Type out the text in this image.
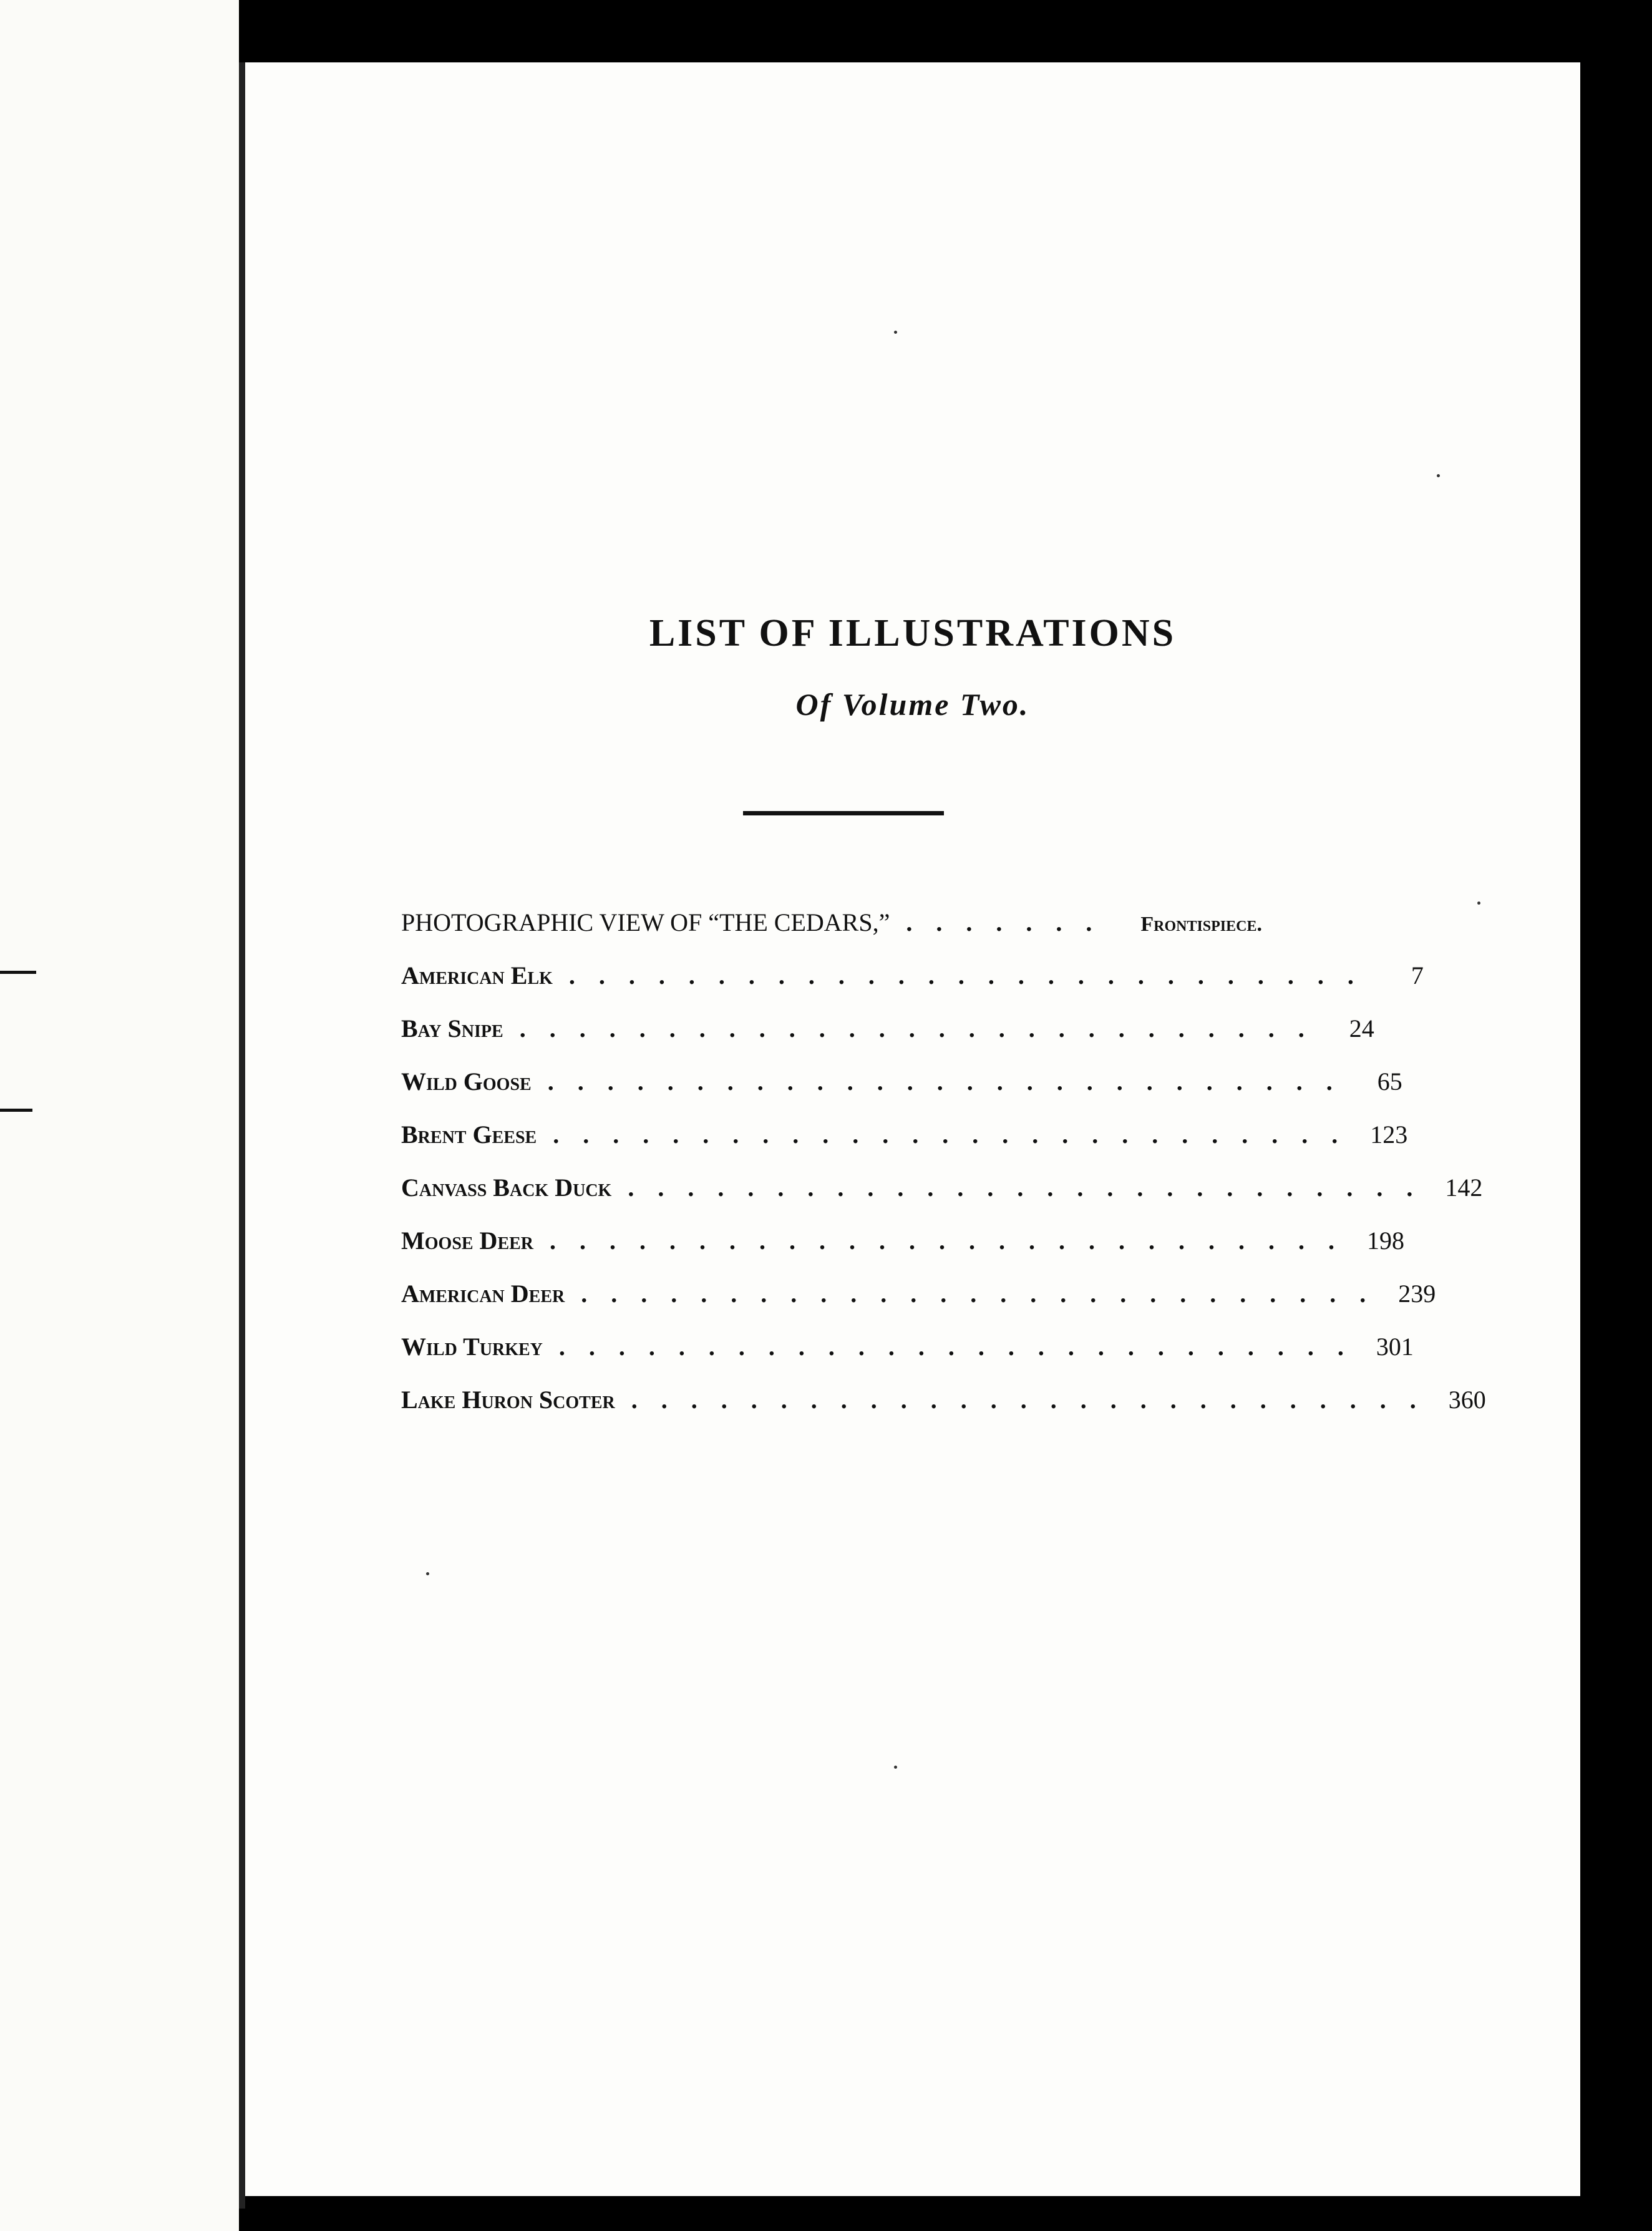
LIST OF ILLUSTRATIONS
Of Volume Two.
PHOTOGRAPHIC VIEW OF “THE CEDARS,” .......	Frontispiece.
American Elk ...........................	7
Bay Snipe ........................... 24
Wild Goose ........................... 65
Brent Geese ........................... 123
Canvass Back Duck ........................... 142
Moose Deer ........................... 198
American Deer ........................... 239
Wild Turkey ........................... 301
Lake Huron Scoter ........................... 360
